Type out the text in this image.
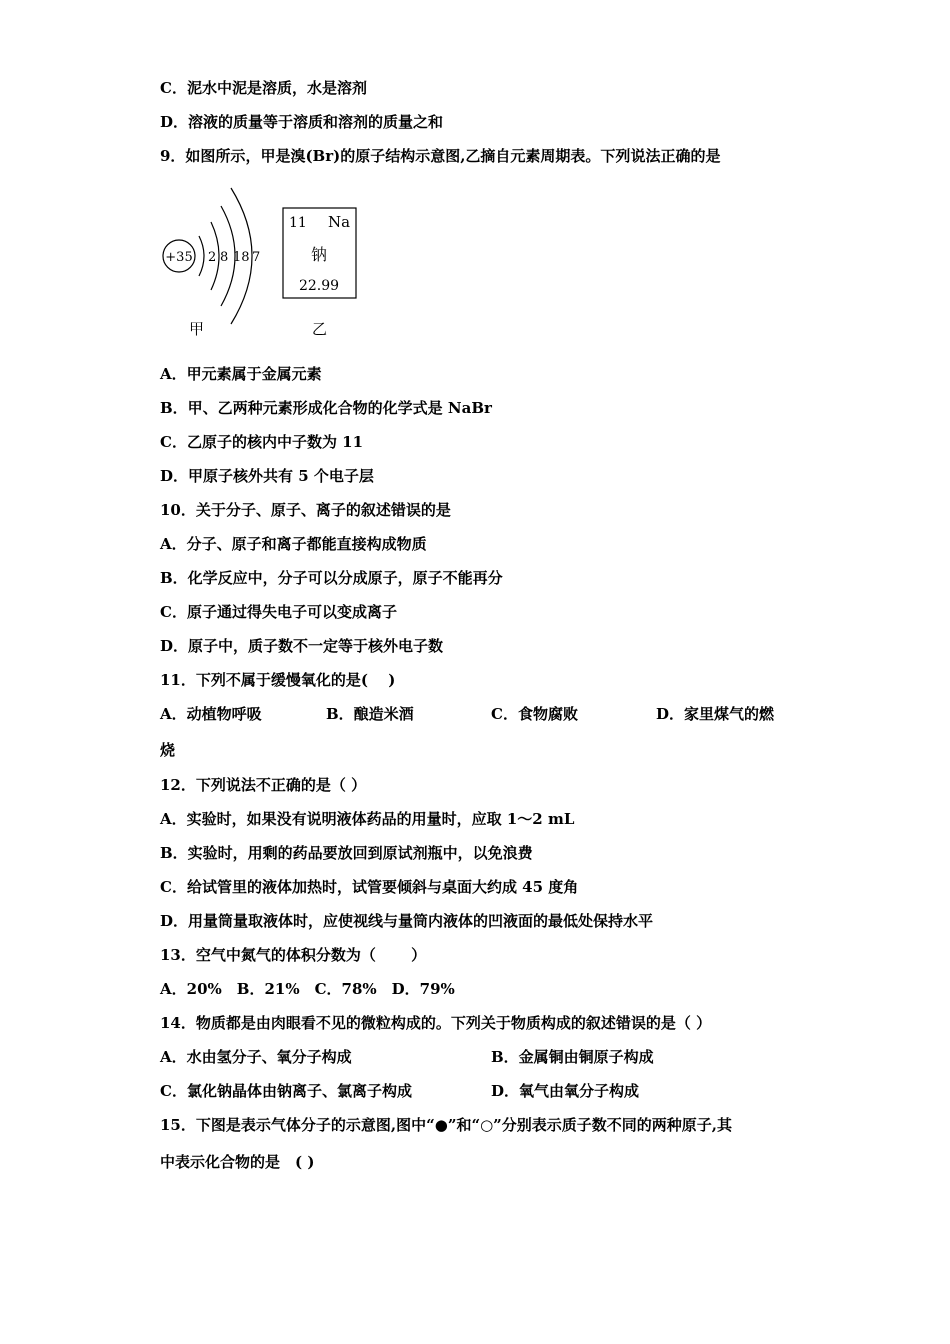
C．泥水中泥是溶质，水是溶剂
D．溶液的质量等于溶质和溶剂的质量之和
9．如图所示，甲是溴(Br)的原子结构示意图,乙摘自元素周期表。下列说法正确的是
+35 2 8 18 7
甲
11 Na
钠
22.99
乙
A．甲元素属于金属元素
B．甲、乙两种元素形成化合物的化学式是 NaBr
C．乙原子的核内中子数为 11
D．甲原子核外共有 5 个电子层
10．关于分子、原子、离子的叙述错误的是
A．分子、原子和离子都能直接构成物质
B．化学反应中，分子可以分成原子，原子不能再分
C．原子通过得失电子可以变成离子
D．原子中，质子数不一定等于核外电子数
11．下列不属于缓慢氧化的是(　 )
A．动植物呼吸	B．酿造米酒	C．食物腐败	D．家里煤气的燃
烧
12．下列说法不正确的是（ ）
A．实验时，如果没有说明液体药品的用量时，应取 1～2 mL
B．实验时，用剩的药品要放回到原试剂瓶中，以免浪费
C．给试管里的液体加热时，试管要倾斜与桌面大约成 45 度角
D．用量筒量取液体时，应使视线与量筒内液体的凹液面的最低处保持水平
13．空气中氮气的体积分数为（　　 ）
A．20%　B．21%　C．78%　D．79%
14．物质都是由肉眼看不见的微粒构成的。下列关于物质构成的叙述错误的是（ ）
A．水由氢分子、氧分子构成	B．金属铜由铜原子构成
C．氯化钠晶体由钠离子、氯离子构成	D．氧气由氧分子构成
15．下图是表示气体分子的示意图,图中“●”和“○”分别表示质子数不同的两种原子,其
中表示化合物的是　( )
